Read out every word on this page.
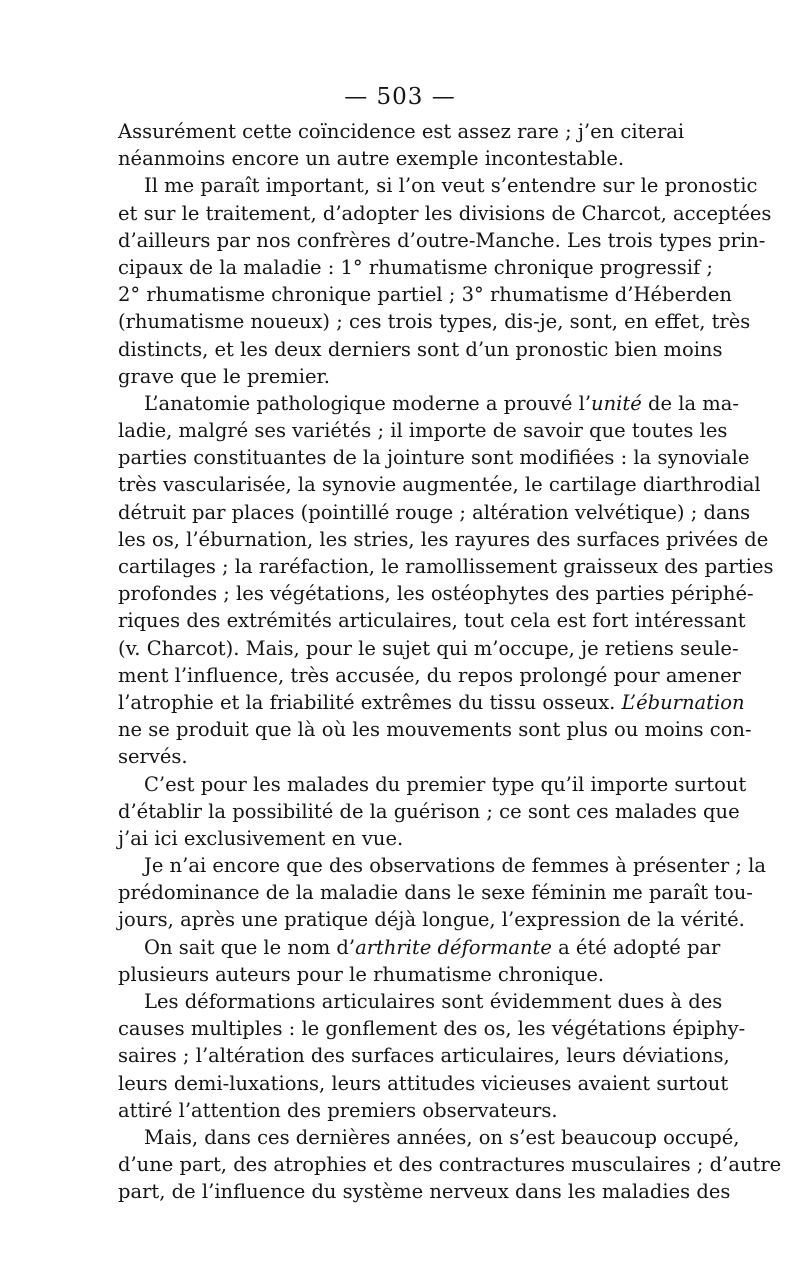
— 503 —
Assurément cette coïncidence est assez rare ; j’en citerai
néanmoins encore un autre exemple incontestable.
Il me paraît important, si l’on veut s’entendre sur le pronostic
et sur le traitement, d’adopter les divisions de Charcot, acceptées
d’ailleurs par nos confrères d’outre-Manche. Les trois types prin-
cipaux de la maladie : 1° rhumatisme chronique progressif ;
2° rhumatisme chronique partiel ; 3° rhumatisme d’Héberden
(rhumatisme noueux) ; ces trois types, dis-je, sont, en effet, très
distincts, et les deux derniers sont d’un pronostic bien moins
grave que le premier.
L’anatomie pathologique moderne a prouvé l’unité de la ma-
ladie, malgré ses variétés ; il importe de savoir que toutes les
parties constituantes de la jointure sont modifiées : la synoviale
très vascularisée, la synovie augmentée, le cartilage diarthrodial
détruit par places (pointillé rouge ; altération velvétique) ; dans
les os, l’éburnation, les stries, les rayures des surfaces privées de
cartilages ; la raréfaction, le ramollissement graisseux des parties
profondes ; les végétations, les ostéophytes des parties périphé-
riques des extrémités articulaires, tout cela est fort intéressant
(v. Charcot). Mais, pour le sujet qui m’occupe, je retiens seule-
ment l’influence, très accusée, du repos prolongé pour amener
l’atrophie et la friabilité extrêmes du tissu osseux. L’éburnation
ne se produit que là où les mouvements sont plus ou moins con-
servés.
C’est pour les malades du premier type qu’il importe surtout
d’établir la possibilité de la guérison ; ce sont ces malades que
j’ai ici exclusivement en vue.
Je n’ai encore que des observations de femmes à présenter ; la
prédominance de la maladie dans le sexe féminin me paraît tou-
jours, après une pratique déjà longue, l’expression de la vérité.
On sait que le nom d’arthrite déformante a été adopté par
plusieurs auteurs pour le rhumatisme chronique.
Les déformations articulaires sont évidemment dues à des
causes multiples : le gonflement des os, les végétations épiphy-
saires ; l’altération des surfaces articulaires, leurs déviations,
leurs demi-luxations, leurs attitudes vicieuses avaient surtout
attiré l’attention des premiers observateurs.
Mais, dans ces dernières années, on s’est beaucoup occupé,
d’une part, des atrophies et des contractures musculaires ; d’autre
part, de l’influence du système nerveux dans les maladies des
